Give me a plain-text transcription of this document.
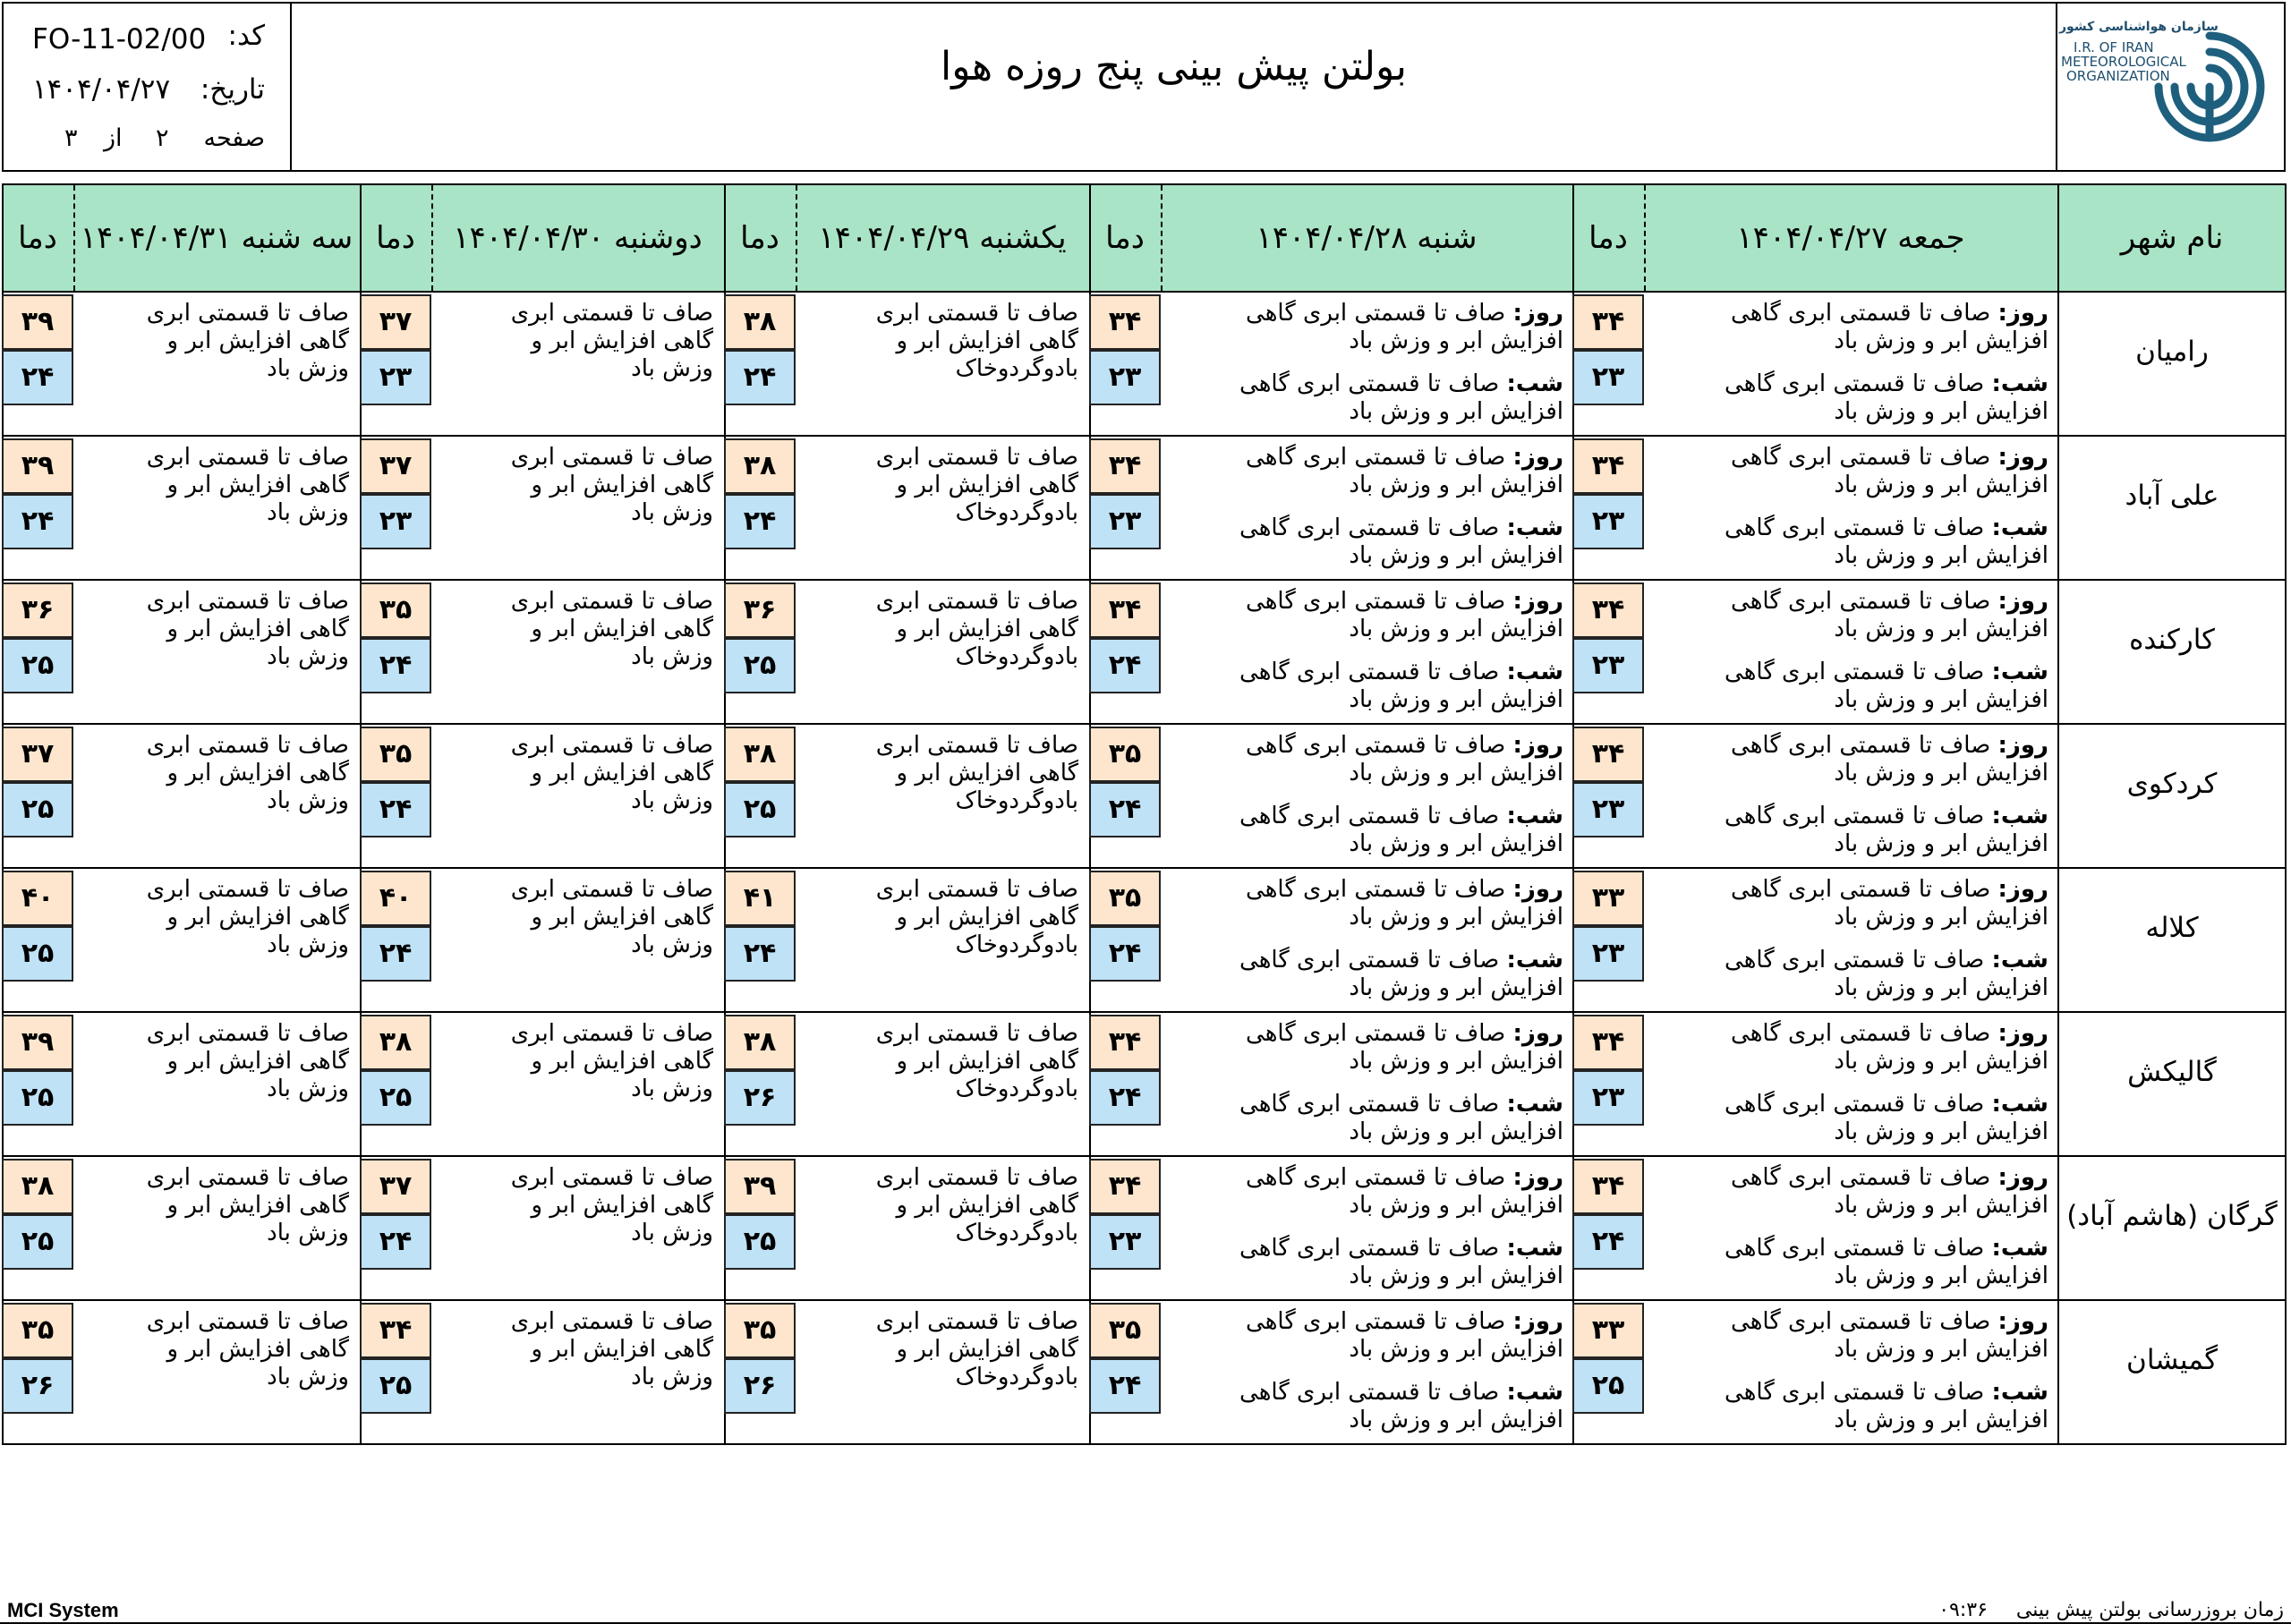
کد:
FO-11-02/00
تاریخ:
۱۴۰۴/۰۴/۲۷
صفحه
۲
از
۳
بولتن پیش بینی پنج روزه هوا
سازمان هواشناسی کشور
I.R. OF IRAN
METEOROLOGICAL
ORGANIZATION
نام شهر
جمعه ۱۴۰۴/۰۴/۲۷
دما
شنبه ۱۴۰۴/۰۴/۲۸
دما
یکشنبه ۱۴۰۴/۰۴/۲۹
دما
دوشنبه ۱۴۰۴/۰۴/۳۰
دما
سه شنبه ۱۴۰۴/۰۴/۳۱
دما
رامیان
۳۴
۲۳
روز: صاف تا قسمتی ابری گاهی افزایش ابر و وزش باد
شب: صاف تا قسمتی ابری گاهی افزایش ابر و وزش باد
۳۴
۲۳
روز: صاف تا قسمتی ابری گاهی افزایش ابر و وزش باد
شب: صاف تا قسمتی ابری گاهی افزایش ابر و وزش باد
۳۸
۲۴
صاف تا قسمتی ابری گاهی افزایش ابر و بادوگردوخاک
۳۷
۲۳
صاف تا قسمتی ابری گاهی افزایش ابر و وزش باد
۳۹
۲۴
صاف تا قسمتی ابری گاهی افزایش ابر و وزش باد
علی آباد
۳۴
۲۳
روز: صاف تا قسمتی ابری گاهی افزایش ابر و وزش باد
شب: صاف تا قسمتی ابری گاهی افزایش ابر و وزش باد
۳۴
۲۳
روز: صاف تا قسمتی ابری گاهی افزایش ابر و وزش باد
شب: صاف تا قسمتی ابری گاهی افزایش ابر و وزش باد
۳۸
۲۴
صاف تا قسمتی ابری گاهی افزایش ابر و بادوگردوخاک
۳۷
۲۳
صاف تا قسمتی ابری گاهی افزایش ابر و وزش باد
۳۹
۲۴
صاف تا قسمتی ابری گاهی افزایش ابر و وزش باد
کارکنده
۳۴
۲۳
روز: صاف تا قسمتی ابری گاهی افزایش ابر و وزش باد
شب: صاف تا قسمتی ابری گاهی افزایش ابر و وزش باد
۳۴
۲۴
روز: صاف تا قسمتی ابری گاهی افزایش ابر و وزش باد
شب: صاف تا قسمتی ابری گاهی افزایش ابر و وزش باد
۳۶
۲۵
صاف تا قسمتی ابری گاهی افزایش ابر و بادوگردوخاک
۳۵
۲۴
صاف تا قسمتی ابری گاهی افزایش ابر و وزش باد
۳۶
۲۵
صاف تا قسمتی ابری گاهی افزایش ابر و وزش باد
کردکوی
۳۴
۲۳
روز: صاف تا قسمتی ابری گاهی افزایش ابر و وزش باد
شب: صاف تا قسمتی ابری گاهی افزایش ابر و وزش باد
۳۵
۲۴
روز: صاف تا قسمتی ابری گاهی افزایش ابر و وزش باد
شب: صاف تا قسمتی ابری گاهی افزایش ابر و وزش باد
۳۸
۲۵
صاف تا قسمتی ابری گاهی افزایش ابر و بادوگردوخاک
۳۵
۲۴
صاف تا قسمتی ابری گاهی افزایش ابر و وزش باد
۳۷
۲۵
صاف تا قسمتی ابری گاهی افزایش ابر و وزش باد
کلاله
۳۳
۲۳
روز: صاف تا قسمتی ابری گاهی افزایش ابر و وزش باد
شب: صاف تا قسمتی ابری گاهی افزایش ابر و وزش باد
۳۵
۲۴
روز: صاف تا قسمتی ابری گاهی افزایش ابر و وزش باد
شب: صاف تا قسمتی ابری گاهی افزایش ابر و وزش باد
۴۱
۲۴
صاف تا قسمتی ابری گاهی افزایش ابر و بادوگردوخاک
۴۰
۲۴
صاف تا قسمتی ابری گاهی افزایش ابر و وزش باد
۴۰
۲۵
صاف تا قسمتی ابری گاهی افزایش ابر و وزش باد
گالیکش
۳۴
۲۳
روز: صاف تا قسمتی ابری گاهی افزایش ابر و وزش باد
شب: صاف تا قسمتی ابری گاهی افزایش ابر و وزش باد
۳۴
۲۴
روز: صاف تا قسمتی ابری گاهی افزایش ابر و وزش باد
شب: صاف تا قسمتی ابری گاهی افزایش ابر و وزش باد
۳۸
۲۶
صاف تا قسمتی ابری گاهی افزایش ابر و بادوگردوخاک
۳۸
۲۵
صاف تا قسمتی ابری گاهی افزایش ابر و وزش باد
۳۹
۲۵
صاف تا قسمتی ابری گاهی افزایش ابر و وزش باد
گرگان (هاشم آباد)
۳۴
۲۴
روز: صاف تا قسمتی ابری گاهی افزایش ابر و وزش باد
شب: صاف تا قسمتی ابری گاهی افزایش ابر و وزش باد
۳۴
۲۳
روز: صاف تا قسمتی ابری گاهی افزایش ابر و وزش باد
شب: صاف تا قسمتی ابری گاهی افزایش ابر و وزش باد
۳۹
۲۵
صاف تا قسمتی ابری گاهی افزایش ابر و بادوگردوخاک
۳۷
۲۴
صاف تا قسمتی ابری گاهی افزایش ابر و وزش باد
۳۸
۲۵
صاف تا قسمتی ابری گاهی افزایش ابر و وزش باد
گمیشان
۳۳
۲۵
روز: صاف تا قسمتی ابری گاهی افزایش ابر و وزش باد
شب: صاف تا قسمتی ابری گاهی افزایش ابر و وزش باد
۳۵
۲۴
روز: صاف تا قسمتی ابری گاهی افزایش ابر و وزش باد
شب: صاف تا قسمتی ابری گاهی افزایش ابر و وزش باد
۳۵
۲۶
صاف تا قسمتی ابری گاهی افزایش ابر و بادوگردوخاک
۳۴
۲۵
صاف تا قسمتی ابری گاهی افزایش ابر و وزش باد
۳۵
۲۶
صاف تا قسمتی ابری گاهی افزایش ابر و وزش باد
MCI System	زمان بروزرسانی بولتن پیش بینی  ۰۹:۳۶
